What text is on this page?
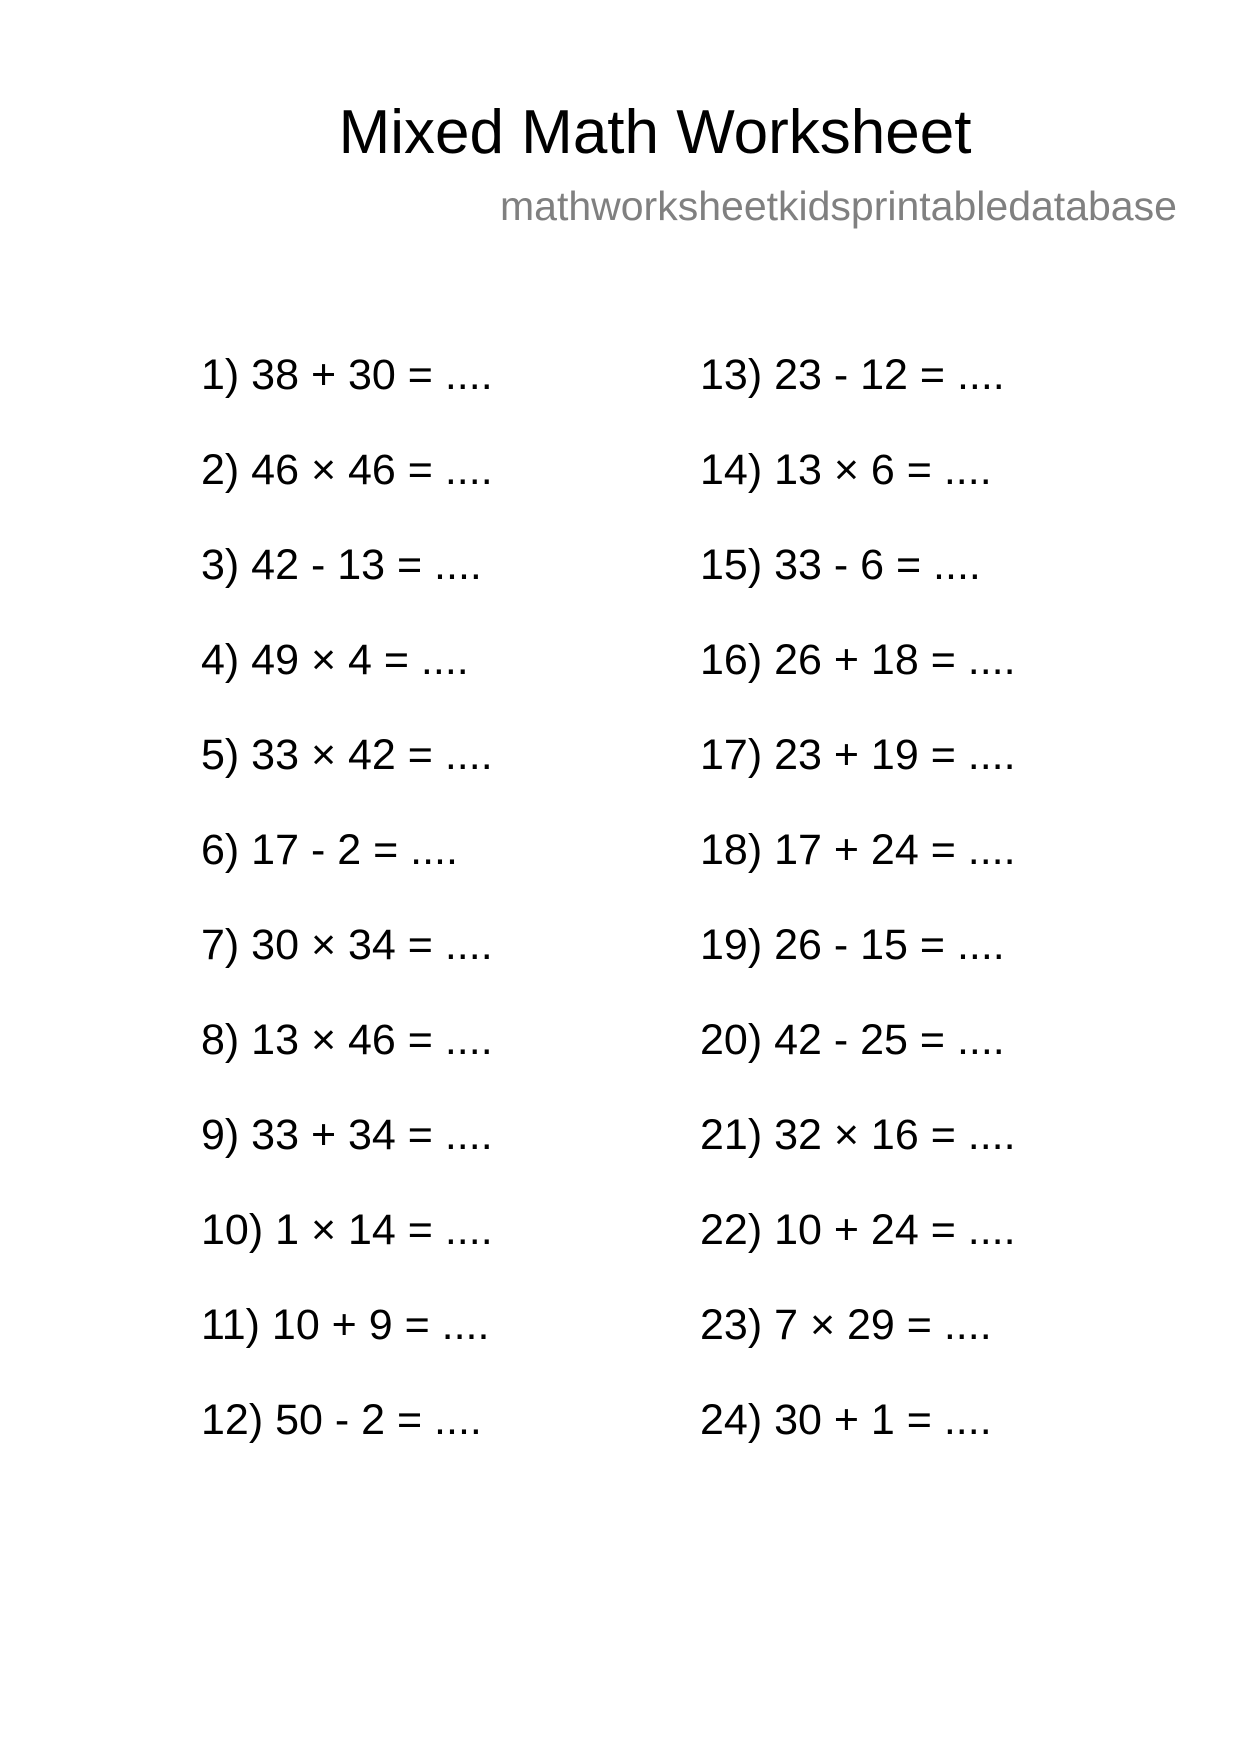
Mixed Math Worksheet
mathworksheetkidsprintabledatabase
1) 38 + 30 = ....
2) 46 × 46 = ....
3) 42 - 13 = ....
4) 49 × 4 = ....
5) 33 × 42 = ....
6) 17 - 2 = ....
7) 30 × 34 = ....
8) 13 × 46 = ....
9) 33 + 34 = ....
10) 1 × 14 = ....
11) 10 + 9 = ....
12) 50 - 2 = ....
13) 23 - 12 = ....
14) 13 × 6 = ....
15) 33 - 6 = ....
16) 26 + 18 = ....
17) 23 + 19 = ....
18) 17 + 24 = ....
19) 26 - 15 = ....
20) 42 - 25 = ....
21) 32 × 16 = ....
22) 10 + 24 = ....
23) 7 × 29 = ....
24) 30 + 1 = ....
